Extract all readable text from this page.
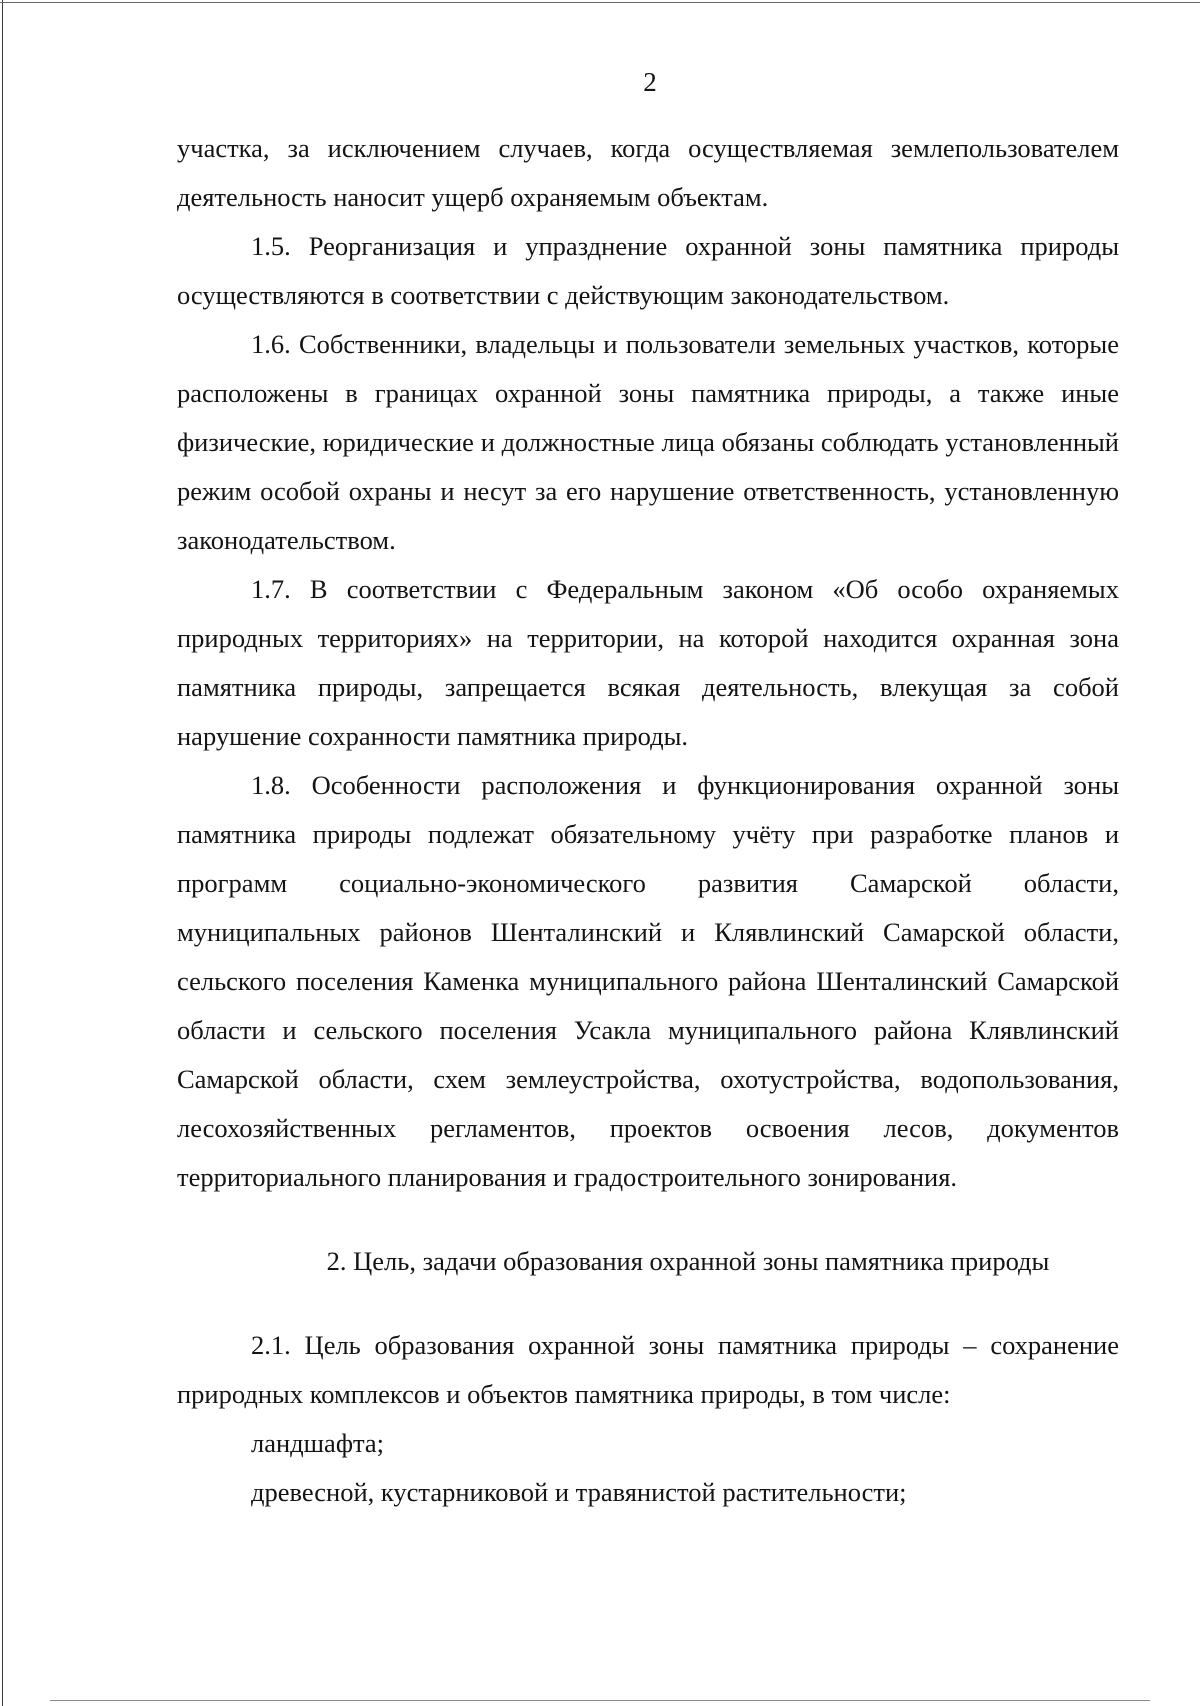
2

участка, за исключением случаев, когда осуществляемая землепользователем деятельность наносит ущерб охраняемым объектам.

1.5. Реорганизация и упразднение охранной зоны памятника природы осуществляются в соответствии с действующим законодательством.

1.6. Собственники, владельцы и пользователи земельных участков, которые расположены в границах охранной зоны памятника природы, а также иные физические, юридические и должностные лица обязаны соблюдать установленный режим особой охраны и несут за его нарушение ответственность, установленную законодательством.

1.7. В соответствии с Федеральным законом «Об особо охраняемых природных территориях» на территории, на которой находится охранная зона памятника природы, запрещается всякая деятельность, влекущая за собой нарушение сохранности памятника природы.

1.8. Особенности расположения и функционирования охранной зоны памятника природы подлежат обязательному учёту при разработке планов и программ социально-экономического развития Самарской области, муниципальных районов Шенталинский и Клявлинский Самарской области, сельского поселения Каменка муниципального района Шенталинский Самарской области и сельского поселения Усакла муниципального района Клявлинский Самарской области, схем землеустройства, охотустройства, водопользования, лесохозяйственных регламентов, проектов освоения лесов, документов территориального планирования и градостроительного зонирования.

2. Цель, задачи образования охранной зоны памятника природы

2.1. Цель образования охранной зоны памятника природы – сохранение природных комплексов и объектов памятника природы, в том числе:

ландшафта;

древесной, кустарниковой и травянистой растительности;
